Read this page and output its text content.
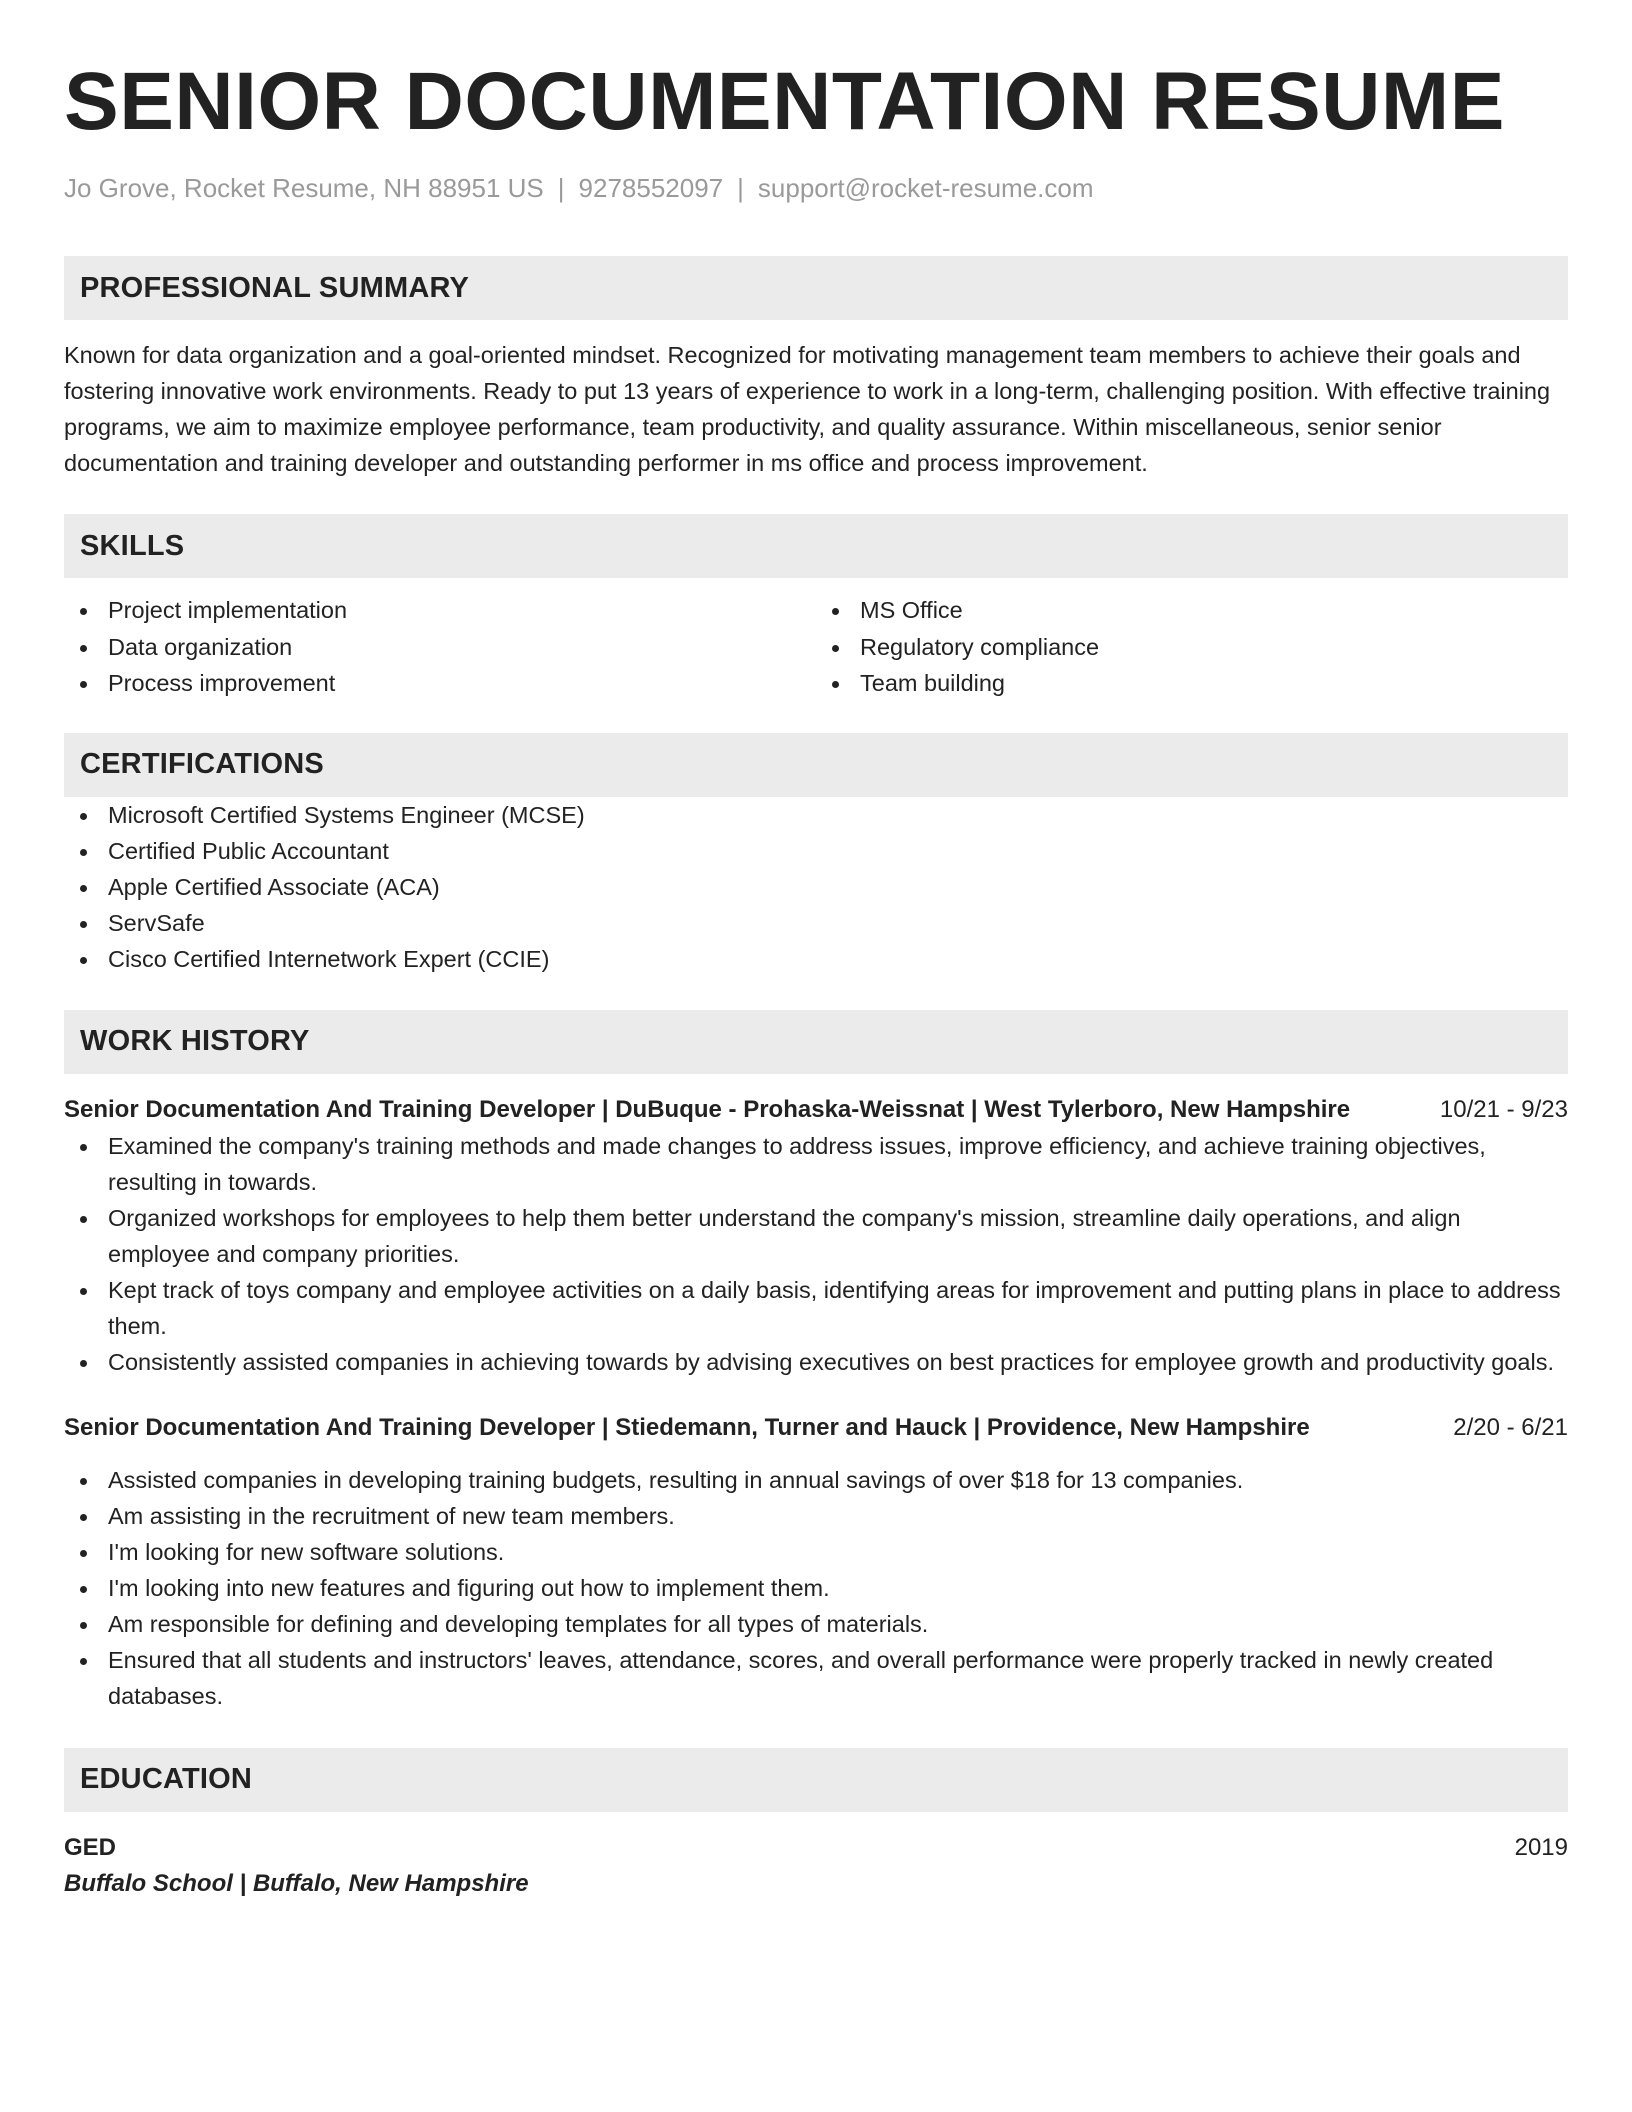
SENIOR DOCUMENTATION RESUME
Jo Grove, Rocket Resume, NH 88951 US | 9278552097 | support@rocket-resume.com
PROFESSIONAL SUMMARY

Known for data organization and a goal-oriented mindset. Recognized for motivating management team members to achieve their goals and fostering innovative work environments. Ready to put 13 years of experience to work in a long-term, challenging position. With effective training programs, we aim to maximize employee performance, team productivity, and quality assurance. Within miscellaneous, senior senior documentation and training developer and outstanding performer in ms office and process improvement.

SKILLS
Project implementation
Data organization
Process improvement
MS Office
Regulatory compliance
Team building
CERTIFICATIONS
Microsoft Certified Systems Engineer (MCSE)
Certified Public Accountant
Apple Certified Associate (ACA)
ServSafe
Cisco Certified Internetwork Expert (CCIE)
WORK HISTORY
Senior Documentation And Training Developer | DuBuque - Prohaska-Weissnat | West Tylerboro, New Hampshire	10/21 - 9/23
Examined the company's training methods and made changes to address issues, improve efficiency, and achieve training objectives, resulting in towards.
Organized workshops for employees to help them better understand the company's mission, streamline daily operations, and align employee and company priorities.
Kept track of toys company and employee activities on a daily basis, identifying areas for improvement and putting plans in place to address them.
Consistently assisted companies in achieving towards by advising executives on best practices for employee growth and productivity goals.
Senior Documentation And Training Developer | Stiedemann, Turner and Hauck | Providence, New Hampshire	2/20 - 6/21
Assisted companies in developing training budgets, resulting in annual savings of over $18 for 13 companies.
Am assisting in the recruitment of new team members.
I'm looking for new software solutions.
I'm looking into new features and figuring out how to implement them.
Am responsible for defining and developing templates for all types of materials.
Ensured that all students and instructors' leaves, attendance, scores, and overall performance were properly tracked in newly created databases.
EDUCATION
GED	2019
Buffalo School | Buffalo, New Hampshire
